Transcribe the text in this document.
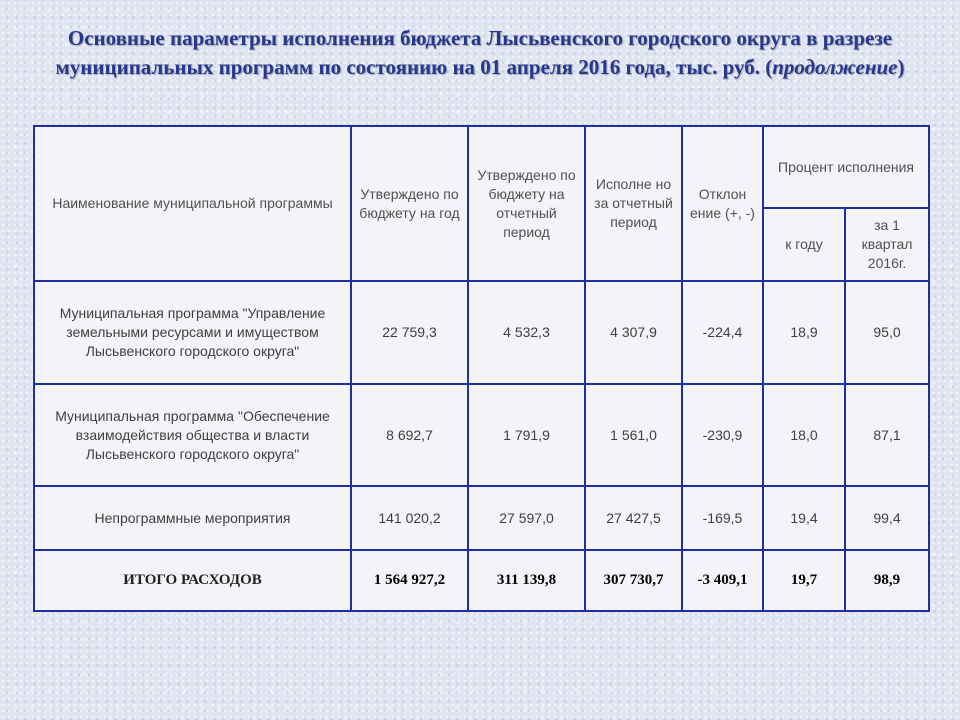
Основные параметры исполнения бюджета Лысьвенского городского округа в разрезе муниципальных программ по состоянию на 01 апреля 2016 года, тыс. руб. (продолжение)
Наименование муниципальной программы	Утверждено по бюджету на год	Утверждено по бюджету на отчетный период	Исполне но за отчетный период	Отклон ение (+, -)	Процент исполнения	
					к году	за 1 квартал 2016г.
Муниципальная программа "Управление земельными ресурсами и имуществом Лысьвенского городского округа"	22 759,3	4 532,3	4 307,9	-224,4	18,9	95,0
Муниципальная программа "Обеспечение взаимодействия общества и власти Лысьвенского городского округа"	8 692,7	1 791,9	1 561,0	-230,9	18,0	87,1
Непрограммные мероприятия	141 020,2	27 597,0	27 427,5	-169,5	19,4	99,4
ИТОГО РАСХОДОВ	1 564 927,2	311 139,8	307 730,7	-3 409,1	19,7	98,9
